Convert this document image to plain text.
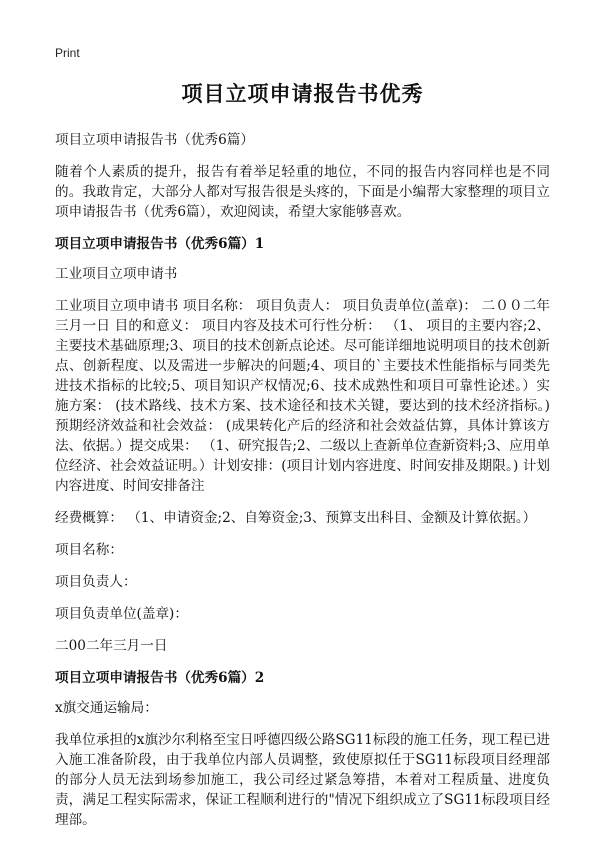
Print
项目立项申请报告书优秀
项目立项申请报告书（优秀6篇）
随着个人素质的提升，报告有着举足轻重的地位，不同的报告内容同样也是不同的。我敢肯定，大部分人都对写报告很是头疼的，下面是小编帮大家整理的项目立项申请报告书（优秀6篇），欢迎阅读，希望大家能够喜欢。
项目立项申请报告书（优秀6篇）1
工业项目立项申请书
工业项目立项申请书 项目名称： 项目负责人： 项目负责单位(盖章)： 二００二年三月一日 目的和意义： 项目内容及技术可行性分析： （1、 项目的主要内容;2、主要技术基础原理;3、项目的技术创新点论述。尽可能详细地说明项目的技术创新点、创新程度、以及需进一步解决的问题;4、项目的`主要技术性能指标与同类先进技术指标的比较;5、项目知识产权情况;6、技术成熟性和项目可靠性论述。）实施方案： (技术路线、技术方案、技术途径和技术关键，要达到的技术经济指标。) 预期经济效益和社会效益： (成果转化产后的经济和社会效益估算，具体计算该方法、依据。）提交成果： （1、研究报告;2、二级以上查新单位查新资料;3、应用单位经济、社会效益证明。）计划安排：(项目计划内容进度、时间安排及期限。) 计划内容进度、时间安排备注
经费概算： （1、申请资金;2、自筹资金;3、预算支出科目、金额及计算依据。）
项目名称：
项目负责人：
项目负责单位(盖章)：
二00二年三月一日
项目立项申请报告书（优秀6篇）2
x旗交通运输局：
我单位承担的x旗沙尔利格至宝日呼德四级公路SG11标段的施工任务，现工程已进入施工准备阶段，由于我单位内部人员调整，致使原拟任于SG11标段项目经理部的部分人员无法到场参加施工，我公司经过紧急筹措，本着对工程质量、进度负责，满足工程实际需求，保证工程顺利进行的"情况下组织成立了SG11标段项目经理部。
